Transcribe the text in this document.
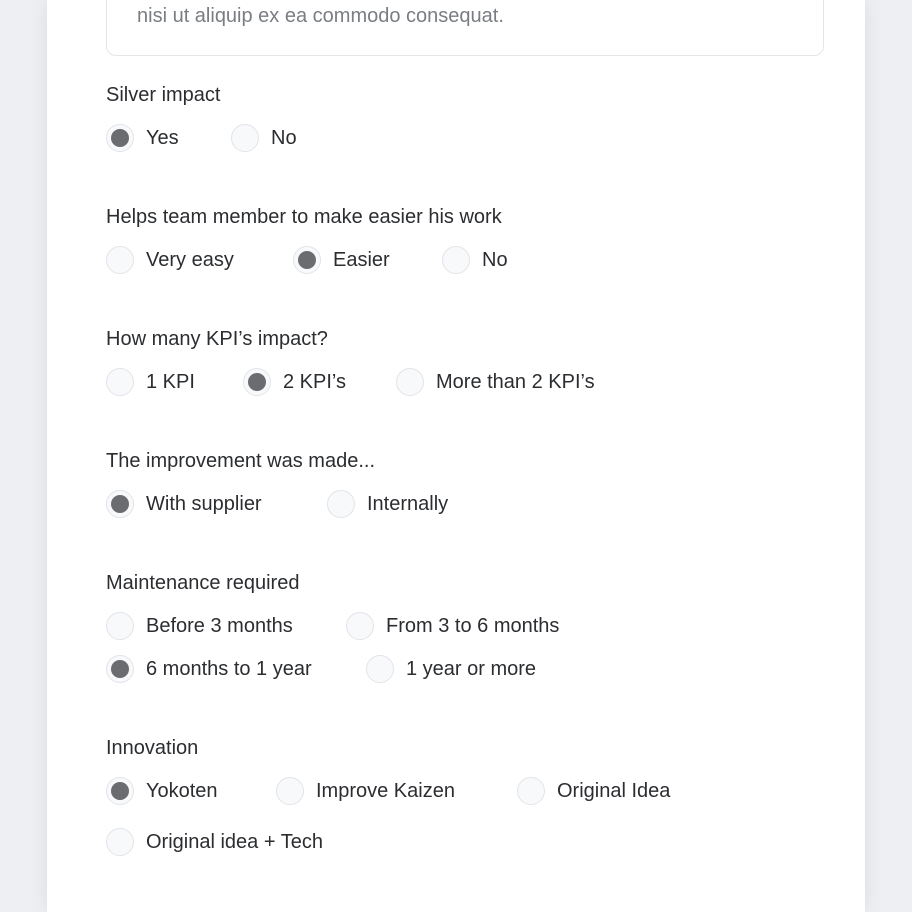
nisi ut aliquip ex ea commodo consequat.
Silver impact
Yes	No
Helps team member to make easier his work
Very easy	Easier	No
How many KPI’s impact?
1 KPI	2 KPI’s	More than 2 KPI’s
The improvement was made...
With supplier	Internally
Maintenance required
Before 3 months	From 3 to 6 months
6 months to 1 year	1 year or more
Innovation
Yokoten	Improve Kaizen	Original Idea
Original idea + Tech
